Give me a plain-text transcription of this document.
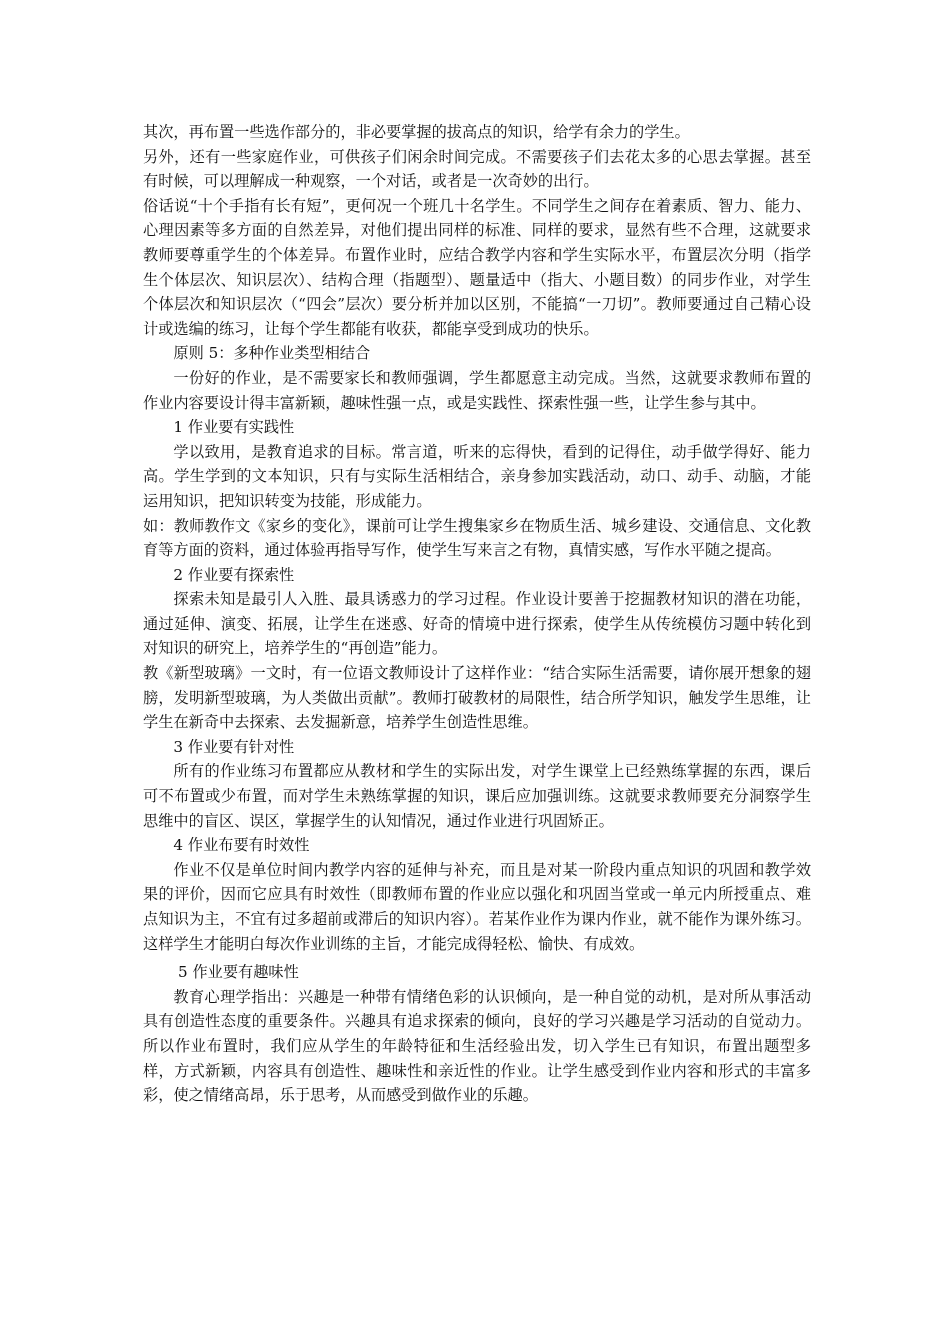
其次，再布置一些选作部分的，非必要掌握的拔高点的知识，给学有余力的学生。

另外，还有一些家庭作业，可供孩子们闲余时间完成。不需要孩子们去花太多的心思去掌握。甚至有时候，可以理解成一种观察，一个对话，或者是一次奇妙的出行。

俗话说“十个手指有长有短”，更何况一个班几十名学生。不同学生之间存在着素质、智力、能力、心理因素等多方面的自然差异，对他们提出同样的标准、同样的要求，显然有些不合理，这就要求教师要尊重学生的个体差异。布置作业时，应结合教学内容和学生实际水平，布置层次分明（指学生个体层次、知识层次）、结构合理（指题型）、题量适中（指大、小题目数）的同步作业，对学生个体层次和知识层次（“四会”层次）要分析并加以区别，不能搞“一刀切”。教师要通过自己精心设计或选编的练习，让每个学生都能有收获，都能享受到成功的快乐。

原则 5：多种作业类型相结合

一份好的作业，是不需要家长和教师强调，学生都愿意主动完成。当然，这就要求教师布置的作业内容要设计得丰富新颖，趣味性强一点，或是实践性、探索性强一些，让学生参与其中。

1 作业要有实践性

学以致用，是教育追求的目标。常言道，听来的忘得快，看到的记得住，动手做学得好、能力高。学生学到的文本知识，只有与实际生活相结合，亲身参加实践活动，动口、动手、动脑，才能运用知识，把知识转变为技能，形成能力。

如：教师教作文《家乡的变化》，课前可让学生搜集家乡在物质生活、城乡建设、交通信息、文化教育等方面的资料，通过体验再指导写作，使学生写来言之有物，真情实感，写作水平随之提高。

2 作业要有探索性

探索未知是最引人入胜、最具诱惑力的学习过程。作业设计要善于挖掘教材知识的潜在功能，通过延伸、演变、拓展，让学生在迷惑、好奇的情境中进行探索，使学生从传统模仿习题中转化到对知识的研究上，培养学生的“再创造”能力。

教《新型玻璃》一文时，有一位语文教师设计了这样作业：“结合实际生活需要，请你展开想象的翅膀，发明新型玻璃，为人类做出贡献”。教师打破教材的局限性，结合所学知识，触发学生思维，让学生在新奇中去探索、去发掘新意，培养学生创造性思维。

3 作业要有针对性

所有的作业练习布置都应从教材和学生的实际出发，对学生课堂上已经熟练掌握的东西，课后可不布置或少布置，而对学生未熟练掌握的知识，课后应加强训练。这就要求教师要充分洞察学生思维中的盲区、误区，掌握学生的认知情况，通过作业进行巩固矫正。

4 作业布要有时效性

作业不仅是单位时间内教学内容的延伸与补充，而且是对某一阶段内重点知识的巩固和教学效果的评价，因而它应具有时效性（即教师布置的作业应以强化和巩固当堂或一单元内所授重点、难点知识为主，不宜有过多超前或滞后的知识内容）。若某作业作为课内作业，就不能作为课外练习。这样学生才能明白每次作业训练的主旨，才能完成得轻松、愉快、有成效。

5 作业要有趣味性

教育心理学指出：兴趣是一种带有情绪色彩的认识倾向，是一种自觉的动机，是对所从事活动具有创造性态度的重要条件。兴趣具有追求探索的倾向，良好的学习兴趣是学习活动的自觉动力。所以作业布置时，我们应从学生的年龄特征和生活经验出发，切入学生已有知识，布置出题型多样，方式新颖，内容具有创造性、趣味性和亲近性的作业。让学生感受到作业内容和形式的丰富多彩，使之情绪高昂，乐于思考，从而感受到做作业的乐趣。
